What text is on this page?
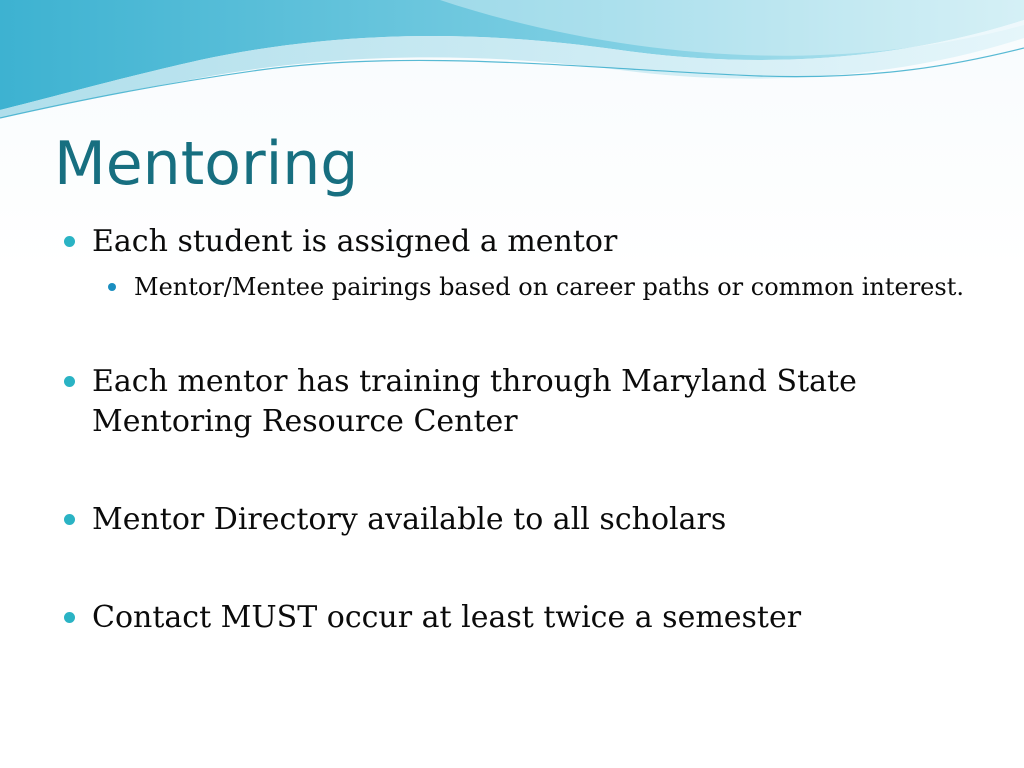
Mentoring
Each student is assigned a mentor
Mentor/Mentee pairings based on career paths or common interest.
Each mentor has training through Maryland State Mentoring Resource Center
Mentor Directory available to all scholars
Contact MUST occur at least twice a semester
